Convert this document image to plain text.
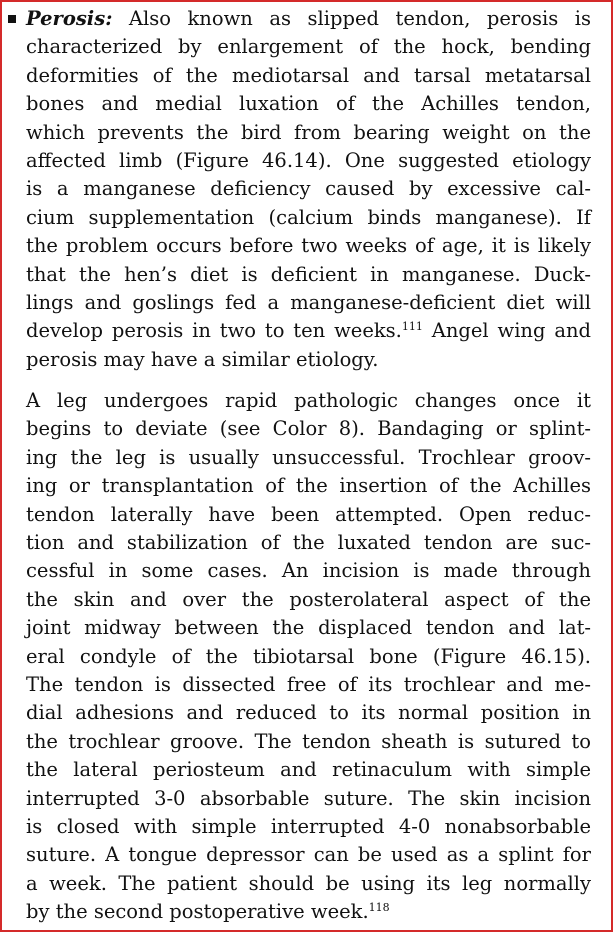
Perosis: Also known as slipped tendon, perosis is
characterized by enlargement of the hock, bending
deformities of the mediotarsal and tarsal metatarsal
bones and medial luxation of the Achilles tendon,
which prevents the bird from bearing weight on the
affected limb (Figure 46.14). One suggested etiology
is a manganese deficiency caused by excessive cal-
cium supplementation (calcium binds manganese). If
the problem occurs before two weeks of age, it is likely
that the hen’s diet is deficient in manganese. Duck-
lings and goslings fed a manganese-deficient diet will
develop perosis in two to ten weeks.$^{111}$ Angel wing and
perosis may have a similar etiology.
A leg undergoes rapid pathologic changes once it
begins to deviate (see Color 8). Bandaging or splint-
ing the leg is usually unsuccessful. Trochlear groov-
ing or transplantation of the insertion of the Achilles
tendon laterally have been attempted. Open reduc-
tion and stabilization of the luxated tendon are suc-
cessful in some cases. An incision is made through
the skin and over the posterolateral aspect of the
joint midway between the displaced tendon and lat-
eral condyle of the tibiotarsal bone (Figure 46.15).
The tendon is dissected free of its trochlear and me-
dial adhesions and reduced to its normal position in
the trochlear groove. The tendon sheath is sutured to
the lateral periosteum and retinaculum with simple
interrupted 3-0 absorbable suture. The skin incision
is closed with simple interrupted 4-0 nonabsorbable
suture. A tongue depressor can be used as a splint for
a week. The patient should be using its leg normally
by the second postoperative week.$^{118}$
